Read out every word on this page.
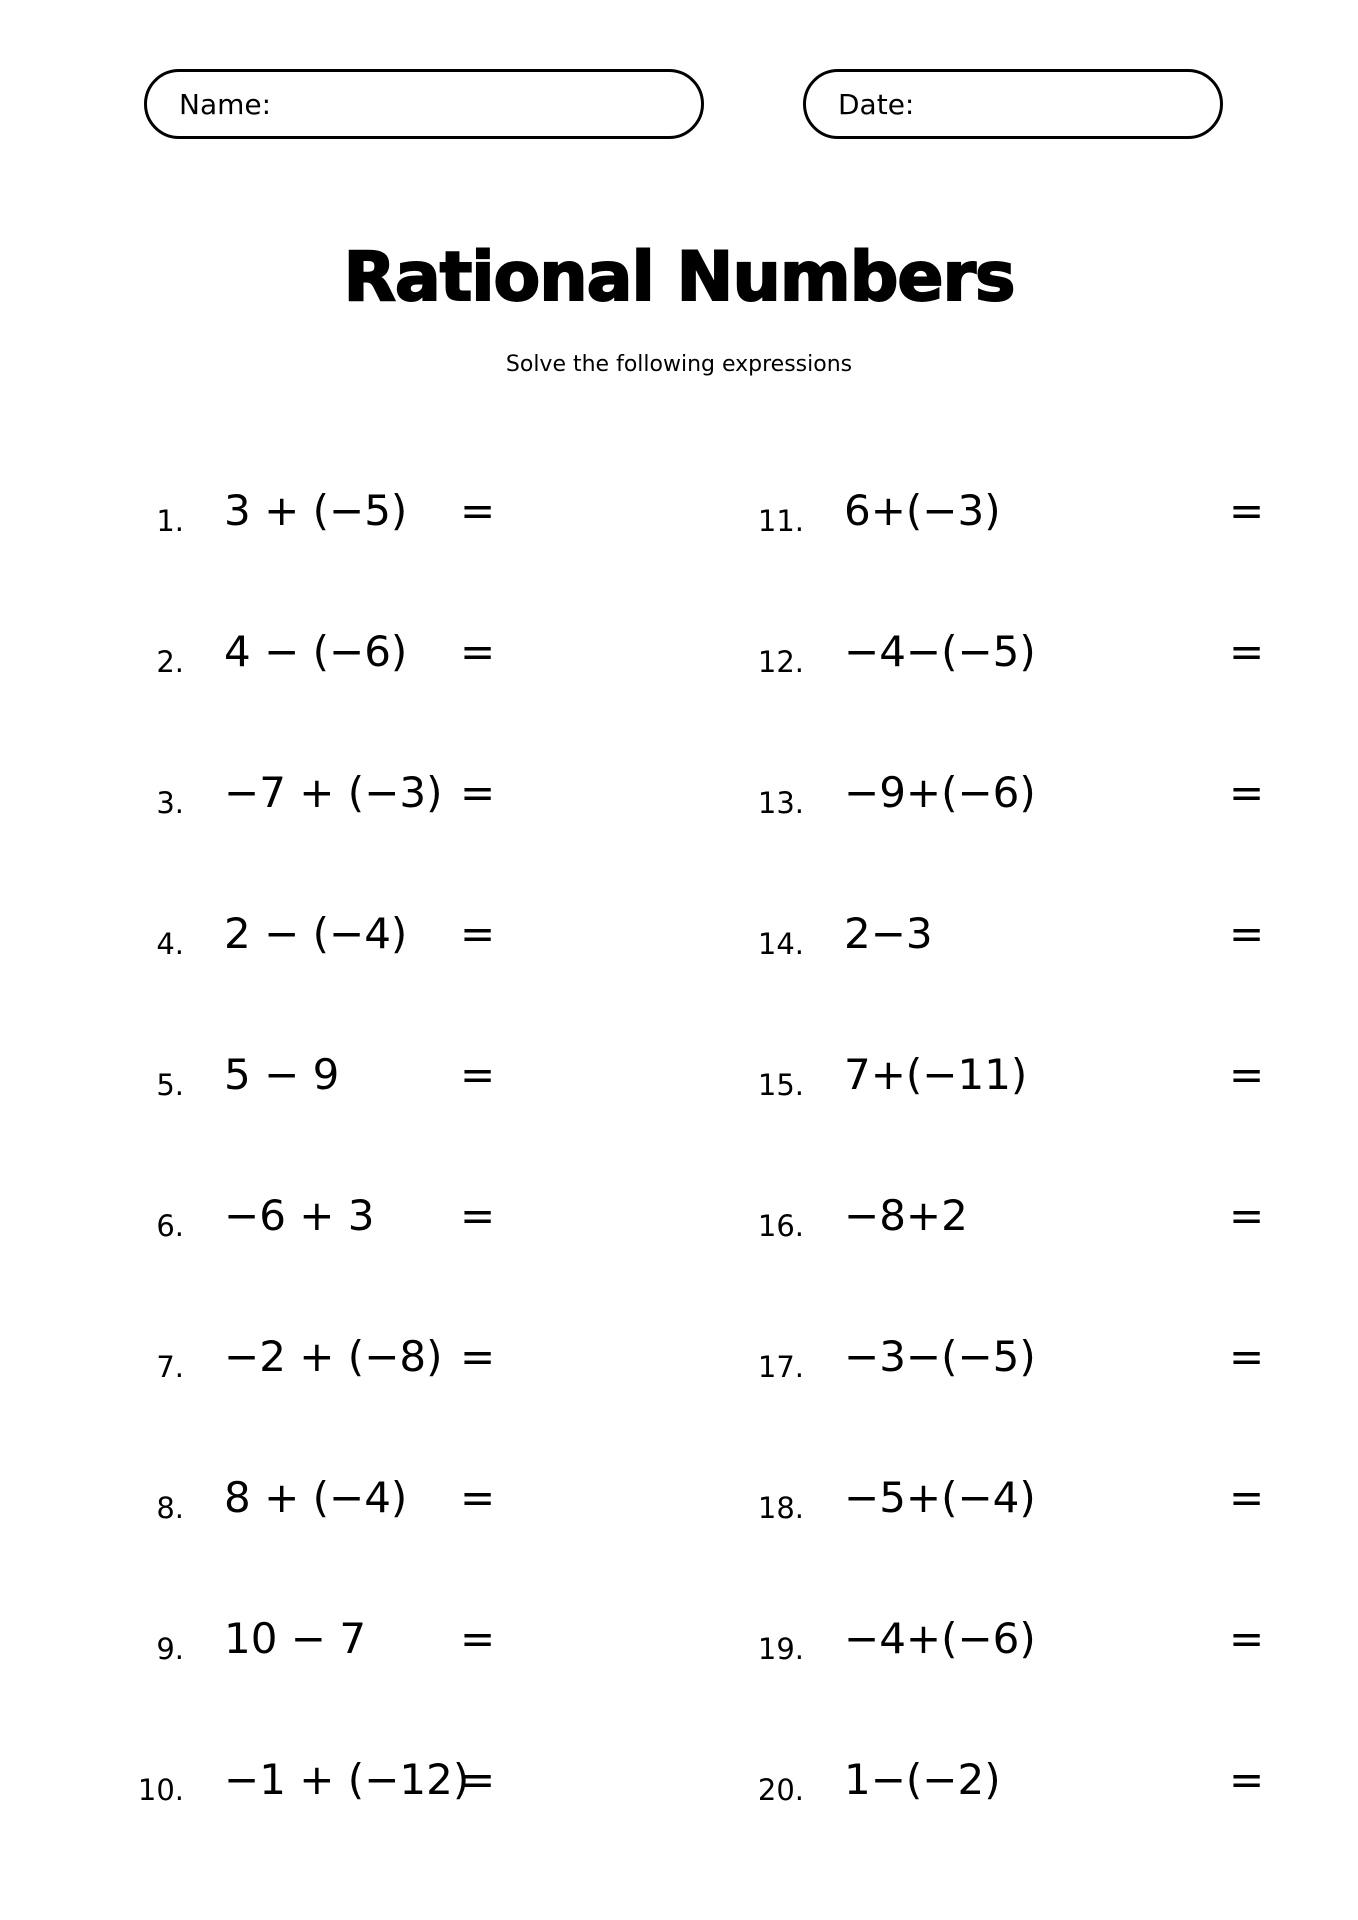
Name:	Date:
Rational Numbers
Solve the following expressions
1. 3 + (−5) =
2. 4 − (−6) =
3. −7 + (−3) =
4. 2 − (−4) =
5. 5 − 9	=
6. −6 + 3 =
7. −2 + (−8) =
8. 8 + (−4) =
9. 10 − 7 =
10. −1 + (−12)
=
11. 6+(−3)	=
12. −4−(−5)	=
13. −9+(−6)	=
14. 2−3	=
15. 7+(−11)	=
16. −8+2	=
17. −3−(−5)	=
18. −5+(−4)	=
19. −4+(−6)	=
20. 1−(−2)	=
